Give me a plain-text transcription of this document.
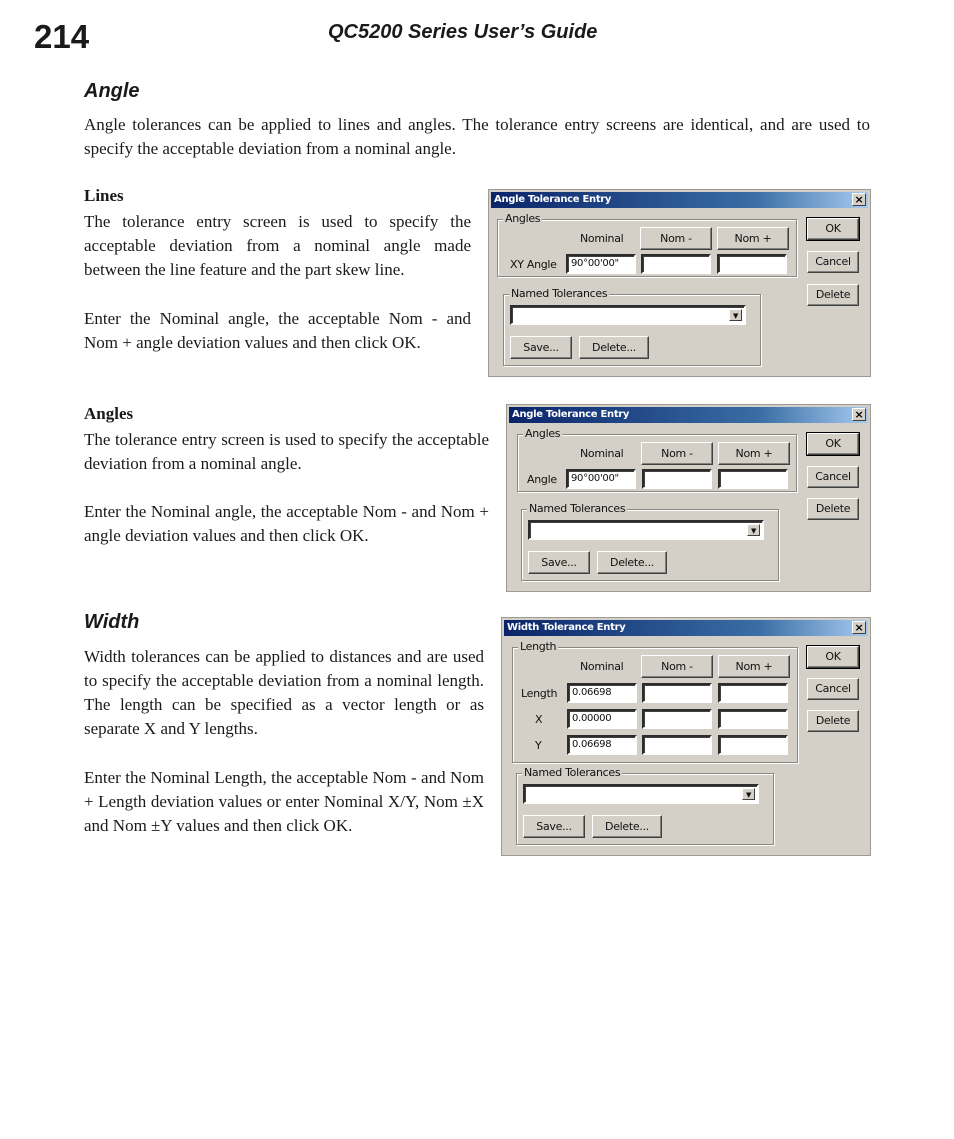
214	QC5200 Series User’s Guide
Angle

Angle tolerances can be applied to lines and angles. The tolerance entry screens are identical, and are used to specify the acceptable deviation from a nominal angle.

Lines

The tolerance entry screen is used to specify the acceptable deviation from a nominal angle made between the line feature and the part skew line.

Enter the Nominal angle, the acceptable Nom - and Nom + angle deviation values and then click OK.

Angle Tolerance Entry	×
Angles
Nominal	Nom -	Nom +
XY Angle	90°00'00"
OK
Cancel
Delete
Named Tolerances
▼
Save...	Delete...
Angles

The tolerance entry screen is used to specify the acceptable deviation from a nominal angle.

Enter the Nominal angle, the acceptable Nom - and Nom + angle deviation values and then click OK.

Angle Tolerance Entry	×
Angles
Nominal	Nom -	Nom +
Angle	90°00'00"
OK
Cancel
Delete
Named Tolerances
▼
Save...	Delete...
Width

Width tolerances can be applied to distances and are used to specify the acceptable deviation from a nominal length. The length can be specified as a vector length or as separate X and Y lengths.

Enter the Nominal Length, the acceptable Nom - and Nom + Length deviation values or enter Nominal X/Y, Nom ±X and Nom ±Y values and then click OK.

Width Tolerance Entry	×
Length
Nominal	Nom -	Nom +
Length	0.06698
X	0.00000
Y	0.06698
OK
Cancel
Delete
Named Tolerances
▼
Save...	Delete...
